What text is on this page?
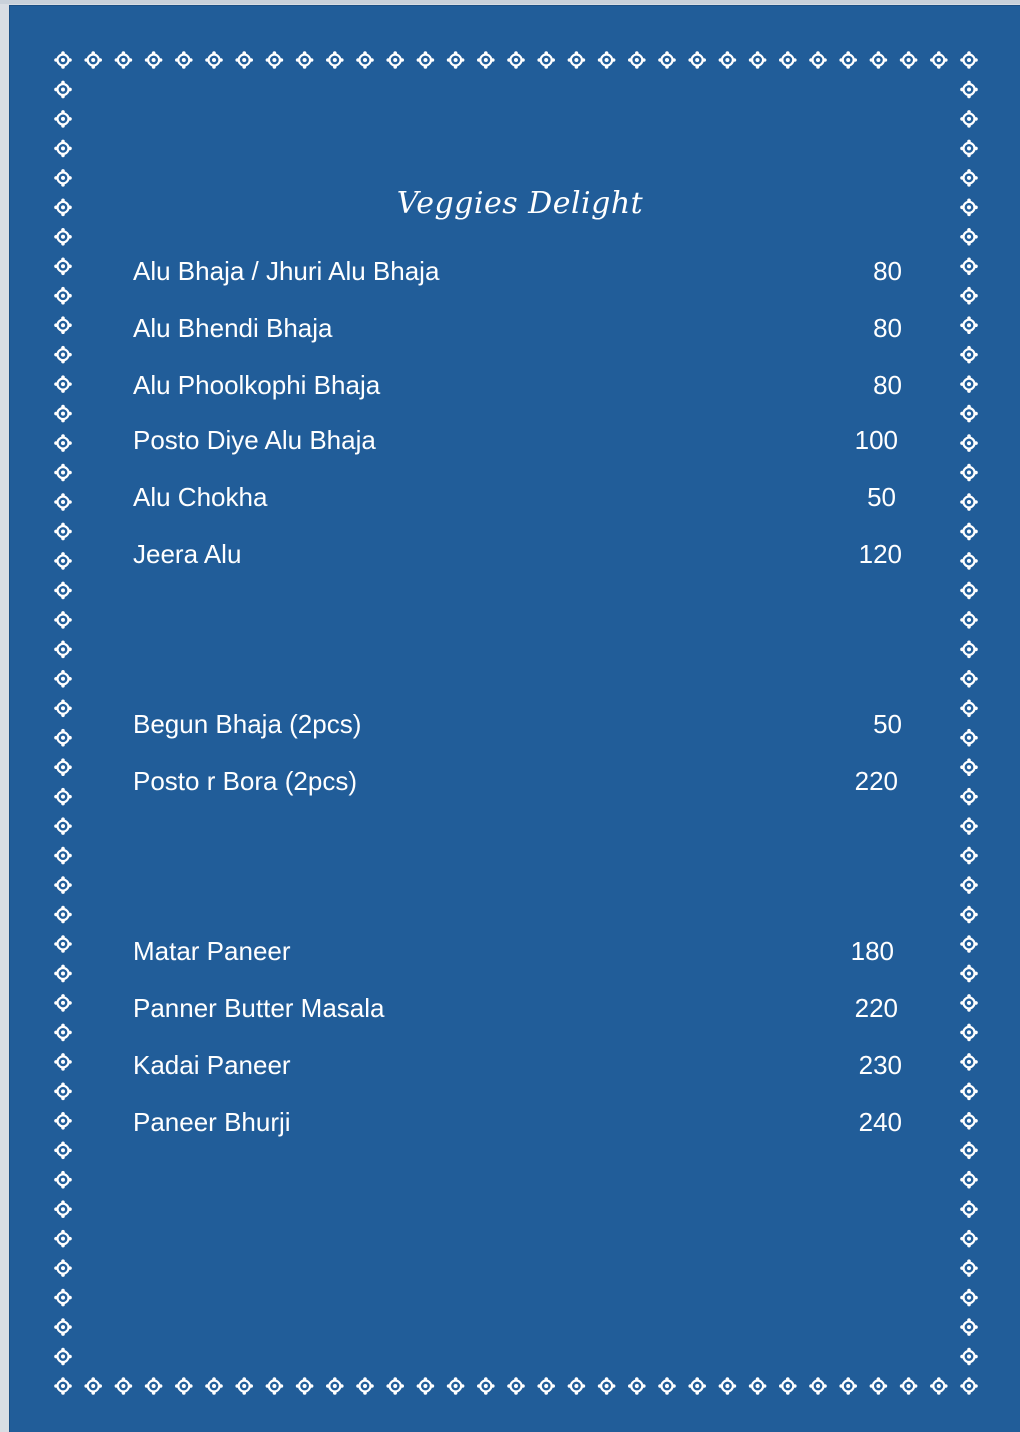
Veggies Delight
Alu Bhaja / Jhuri Alu Bhaja	80
Alu Bhendi Bhaja	80
Alu Phoolkophi Bhaja	80
Posto Diye Alu Bhaja	100
Alu Chokha	50
Jeera Alu	120
Begun Bhaja (2pcs)	50
Posto r Bora (2pcs)	220
Matar Paneer	180
Panner Butter Masala	220
Kadai Paneer	230
Paneer Bhurji	240
